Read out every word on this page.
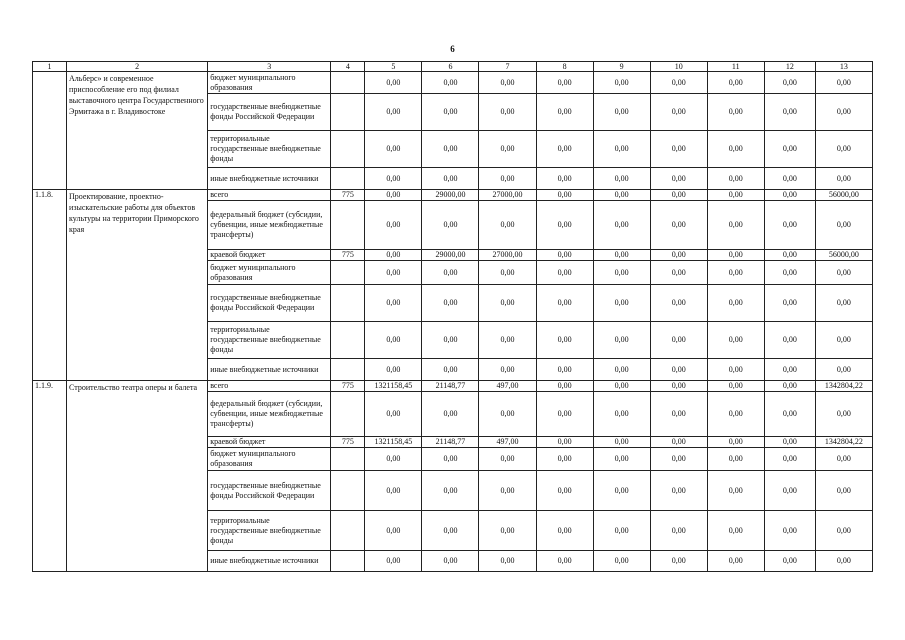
6
1	2	3	4	5	6	7	8	9	10	11	12	13
	Альберс» и современное приспособление его под филиал выставочного центра Государственного Эрмитажа в г. Владивостоке	бюджет муниципального образования		0,00	0,00	0,00	0,00	0,00	0,00	0,00	0,00	0,00
		государственные внебюджетные фонды Российской Федерации		0,00	0,00	0,00	0,00	0,00	0,00	0,00	0,00	0,00
		территориальные государственные внебюджетные фонды		0,00	0,00	0,00	0,00	0,00	0,00	0,00	0,00	0,00
		иные внебюджетные источники		0,00	0,00	0,00	0,00	0,00	0,00	0,00	0,00	0,00
1.1.8.	Проектирование, проектно-изыскательские работы для объектов культуры на территории Приморского края	всего	775	0,00	29000,00	27000,00	0,00	0,00	0,00	0,00	0,00	56000,00
		федеральный бюджет (субсидии, субвенции, иные межбюджетные трансферты)		0,00	0,00	0,00	0,00	0,00	0,00	0,00	0,00	0,00
		краевой бюджет	775	0,00	29000,00	27000,00	0,00	0,00	0,00	0,00	0,00	56000,00
		бюджет муниципального образования		0,00	0,00	0,00	0,00	0,00	0,00	0,00	0,00	0,00
		государственные внебюджетные фонды Российской Федерации		0,00	0,00	0,00	0,00	0,00	0,00	0,00	0,00	0,00
		территориальные государственные внебюджетные фонды		0,00	0,00	0,00	0,00	0,00	0,00	0,00	0,00	0,00
		иные внебюджетные источники		0,00	0,00	0,00	0,00	0,00	0,00	0,00	0,00	0,00
1.1.9.	Строительство театра оперы и балета	всего	775	1321158,45	21148,77	497,00	0,00	0,00	0,00	0,00	0,00	1342804,22
		федеральный бюджет (субсидии, субвенции, иные межбюджетные трансферты)		0,00	0,00	0,00	0,00	0,00	0,00	0,00	0,00	0,00
		краевой бюджет	775	1321158,45	21148,77	497,00	0,00	0,00	0,00	0,00	0,00	1342804,22
		бюджет муниципального образования		0,00	0,00	0,00	0,00	0,00	0,00	0,00	0,00	0,00
		государственные внебюджетные фонды Российской Федерации		0,00	0,00	0,00	0,00	0,00	0,00	0,00	0,00	0,00
		территориальные государственные внебюджетные фонды		0,00	0,00	0,00	0,00	0,00	0,00	0,00	0,00	0,00
		иные внебюджетные источники		0,00	0,00	0,00	0,00	0,00	0,00	0,00	0,00	0,00
